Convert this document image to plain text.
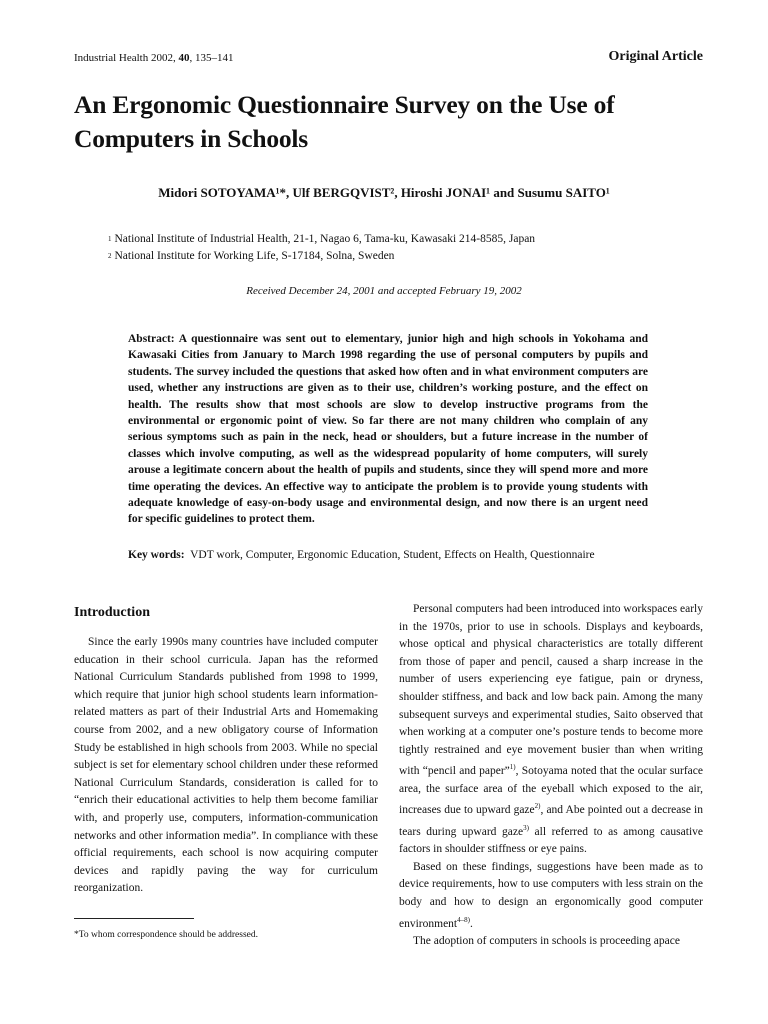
Industrial Health 2002, 40, 135–141	Original Article
An Ergonomic Questionnaire Survey on the Use of Computers in Schools
Midori SOTOYAMA¹*, Ulf BERGQVIST², Hiroshi JONAI¹ and Susumu SAITO¹
$^1$ National Institute of Industrial Health, 21-1, Nagao 6, Tama-ku, Kawasaki 214-8585, Japan
$^2$ National Institute for Working Life, S-17184, Solna, Sweden
Received December 24, 2001 and accepted February 19, 2002

Abstract: A questionnaire was sent out to elementary, junior high and high schools in Yokohama and Kawasaki Cities from January to March 1998 regarding the use of personal computers by pupils and students. The survey included the questions that asked how often and in what environment computers are used, whether any instructions are given as to their use, children’s working posture, and the effect on health. The results show that most schools are slow to develop instructive programs from the environmental or ergonomic point of view. So far there are not many children who complain of any serious symptoms such as pain in the neck, head or shoulders, but a future increase in the number of classes which involve computing, as well as the widespread popularity of home computers, will surely arouse a legitimate concern about the health of pupils and students, since they will spend more and more time operating the devices. An effective way to anticipate the problem is to provide young students with adequate knowledge of easy-on-body usage and environmental design, and now there is an urgent need for specific guidelines to protect them.

Key words: VDT work, Computer, Ergonomic Education, Student, Effects on Health, Questionnaire
Introduction

Since the early 1990s many countries have included computer education in their school curricula. Japan has the reformed National Curriculum Standards published from 1998 to 1999, which require that junior high school students learn information-related matters as part of their Industrial Arts and Homemaking course from 2002, and a new obligatory course of Information Study be established in high schools from 2003. While no special subject is set for elementary school children under these reformed National Curriculum Standards, consideration is called for to “enrich their educational activities to help them become familiar with, and properly use, computers, information-communication networks and other information media”. In compliance with these official requirements, each school is now acquiring computer devices and rapidly paving the way for curriculum reorganization.

Personal computers had been introduced into workspaces early in the 1970s, prior to use in schools. Displays and keyboards, whose optical and physical characteristics are totally different from those of paper and pencil, caused a sharp increase in the number of users experiencing eye fatigue, pain or dryness, shoulder stiffness, and back and low back pain. Among the many subsequent surveys and experimental studies, Saito observed that when working at a computer one’s posture tends to become more tightly restrained and eye movement busier than when writing with “pencil and paper”$^{1)}$, Sotoyama noted that the ocular surface area, the surface area of the eyeball which exposed to the air, increases due to upward gaze$^{2)}$, and Abe pointed out a decrease in tears during upward gaze$^{3)}$ all referred to as among causative factors in shoulder stiffness or eye pains.

Based on these findings, suggestions have been made as to device requirements, how to use computers with less strain on the body and how to design an ergonomically good computer environment$^{4-8)}$.

The adoption of computers in schools is proceeding apace

*To whom correspondence should be addressed.
